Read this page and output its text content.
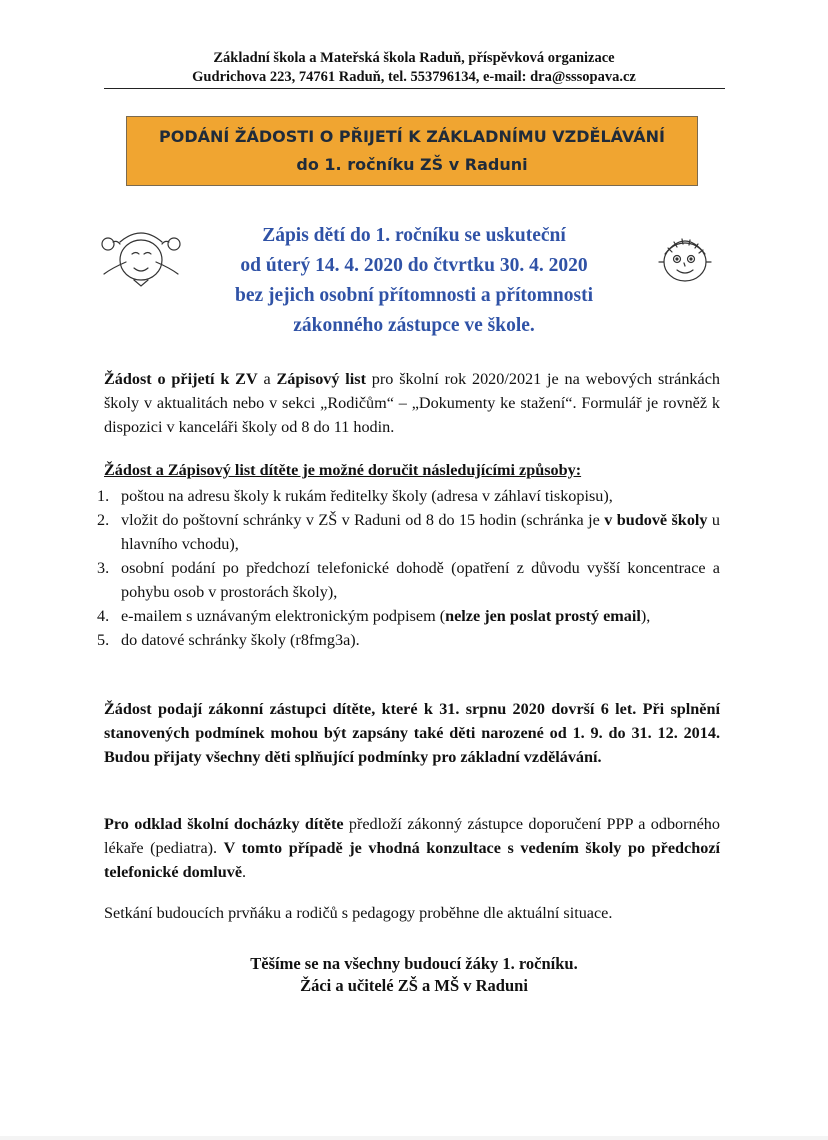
Základní škola a Mateřská škola Raduň, příspěvková organizace
Gudrichova 223, 74761 Raduň, tel. 553796134, e-mail: dra@sssopava.cz
PODÁNÍ ŽÁDOSTI O PŘIJETÍ K ZÁKLADNÍMU VZDĚLÁVÁNÍ
do 1. ročníku ZŠ v Raduni
Zápis dětí do 1. ročníku se uskuteční
od úterý 14. 4. 2020 do čtvrtku 30. 4. 2020
bez jejich osobní přítomnosti a přítomnosti
zákonného zástupce ve škole.
Žádost o přijetí k ZV a Zápisový list pro školní rok 2020/2021 je na webových stránkách školy v aktualitách nebo v sekci „Rodičům“ – „Dokumenty ke stažení“. Formulář je rovněž k dispozici v kanceláři školy od 8 do 11 hodin.
Žádost a Zápisový list dítěte je možné doručit následujícími způsoby:
1. poštou na adresu školy k rukám ředitelky školy (adresa v záhlaví tiskopisu),
2. vložit do poštovní schránky v ZŠ v Raduni od 8 do 15 hodin (schránka je v budově školy u hlavního vchodu),
3. osobní podání po předchozí telefonické dohodě (opatření z důvodu vyšší koncentrace a pohybu osob v prostorách školy),
4. e-mailem s uznávaným elektronickým podpisem (nelze jen poslat prostý email),
5. do datové schránky školy (r8fmg3a).
Žádost podají zákonní zástupci dítěte, které k 31. srpnu 2020 dovrší 6 let. Při splnění stanovených podmínek mohou být zapsány také děti narozené od 1. 9. do 31. 12. 2014. Budou přijaty všechny děti splňující podmínky pro základní vzdělávání.
Pro odklad školní docházky dítěte předloží zákonný zástupce doporučení PPP a odborného lékaře (pediatra). V tomto případě je vhodná konzultace s vedením školy po předchozí telefonické domluvě.
Setkání budoucích prvňáku a rodičů s pedagogy proběhne dle aktuální situace.
Těšíme se na všechny budoucí žáky 1. ročníku.
Žáci a učitelé ZŠ a MŠ v Raduni
